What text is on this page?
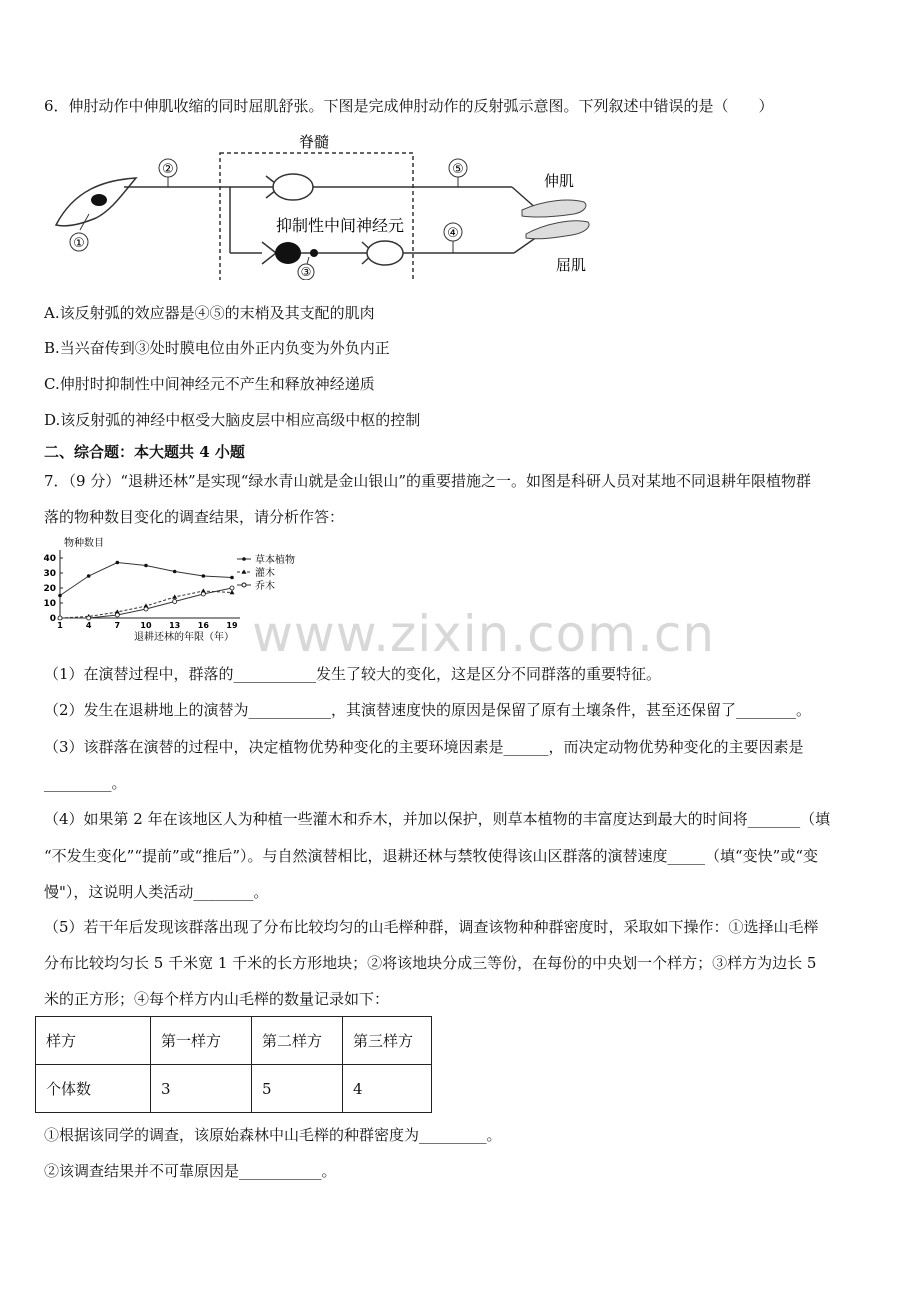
6．伸肘动作中伸肌收缩的同时屈肌舒张。下图是完成伸肘动作的反射弧示意图。下列叙述中错误的是（　　）
脊髓
①
②	⑤
抑制性中间神经元
③
④
伸肌
屈肌
A.该反射弧的效应器是④⑤的末梢及其支配的肌肉
B.当兴奋传到③处时膜电位由外正内负变为外负内正
C.伸肘时抑制性中间神经元不产生和释放神经递质
D.该反射弧的神经中枢受大脑皮层中相应高级中枢的控制
二、综合题：本大题共 4 小题
7．（9 分）“退耕还林”是实现“绿水青山就是金山银山”的重要措施之一。如图是科研人员对某地不同退耕年限植物群
落的物种数目变化的调查结果，请分析作答：
物种数目
退耕还林的年限（年）
0
10
20
30
40
1	4	7	10 13 16 19
草本植物
灌木
乔木
www.zixin.com.cn
（1）在演替过程中，群落的___________发生了较大的变化，这是区分不同群落的重要特征。
（2）发生在退耕地上的演替为___________，其演替速度快的原因是保留了原有土壤条件，甚至还保留了________。
（3）该群落在演替的过程中，决定植物优势种变化的主要环境因素是______，而决定动物优势种变化的主要因素是
_________。
（4）如果第 2 年在该地区人为种植一些灌木和乔木，并加以保护，则草本植物的丰富度达到最大的时间将_______（填
“不发生变化”“提前”或“推后”）。与自然演替相比，退耕还林与禁牧使得该山区群落的演替速度_____（填“变快”或“变
慢"），这说明人类活动________。
（5）若干年后发现该群落出现了分布比较均匀的山毛榉种群，调查该物种种群密度时，采取如下操作：①选择山毛榉
分布比较均匀长 5 千米宽 1 千米的长方形地块；②将该地块分成三等份，在每份的中央划一个样方；③样方为边长 5
米的正方形；④每个样方内山毛榉的数量记录如下：
样方	第一样方	第二样方	第三样方
个体数	3	5	4
①根据该同学的调查，该原始森林中山毛榉的种群密度为_________。
②该调查结果并不可靠原因是___________。
